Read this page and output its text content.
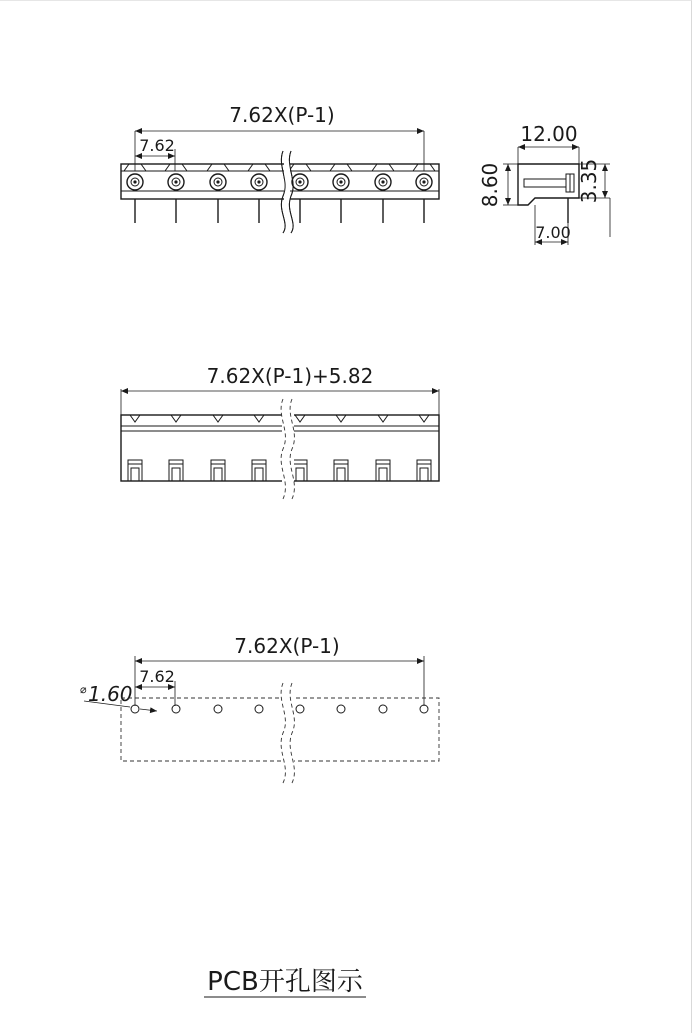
7.62X(P-1)
7.62	12.00
8.60	3.35
7.00
7.62X(P-1)+5.82
7.62X(P-1)
7.62
⌀ 1.60
PCB开孔图示
